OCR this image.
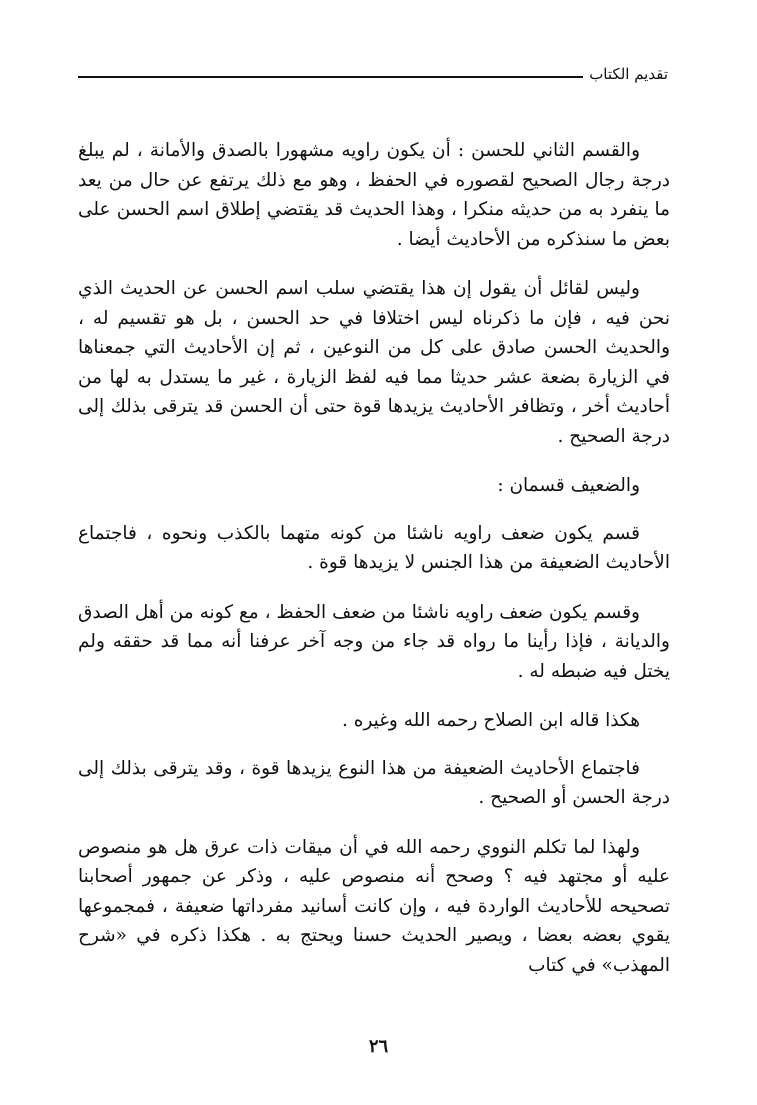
تقديم الكتاب

والقسم الثاني للحسن : أن يكون راويه مشهورا بالصدق والأمانة ، لم يبلغ درجة رجال الصحيح لقصوره في الحفظ ، وهو مع ذلك يرتفع عن حال من يعد ما ينفرد به من حديثه منكرا ، وهذا الحديث قد يقتضي إطلاق اسم الحسن على بعض ما سنذكره من الأحاديث أيضا .

وليس لقائل أن يقول إن هذا يقتضي سلب اسم الحسن عن الحديث الذي نحن فيه ، فإن ما ذكرناه ليس اختلافا في حد الحسن ، بل هو تقسيم له ، والحديث الحسن صادق على كل من النوعين ، ثم إن الأحاديث التي جمعناها في الزيارة بضعة عشر حديثا مما فيه لفظ الزيارة ، غير ما يستدل به لها من أحاديث أخر ، وتظافر الأحاديث يزيدها قوة حتى أن الحسن قد يترقى بذلك إلى درجة الصحيح .

والضعيف قسمان :

قسم يكون ضعف راويه ناشئا من كونه متهما بالكذب ونحوه ، فاجتماع الأحاديث الضعيفة من هذا الجنس لا يزيدها قوة .

وقسم يكون ضعف راويه ناشئا من ضعف الحفظ ، مع كونه من أهل الصدق والديانة ، فإذا رأينا ما رواه قد جاء من وجه آخر عرفنا أنه مما قد حققه ولم يختل فيه ضبطه له .

هكذا قاله ابن الصلاح رحمه الله وغيره .

فاجتماع الأحاديث الضعيفة من هذا النوع يزيدها قوة ، وقد يترقى بذلك إلى درجة الحسن أو الصحيح .

ولهذا لما تكلم النووي رحمه الله في أن ميقات ذات عرق هل هو منصوص عليه أو مجتهد فيه ؟ وصحح أنه منصوص عليه ، وذكر عن جمهور أصحابنا تصحيحه للأحاديث الواردة فيه ، وإن كانت أسانيد مفرداتها ضعيفة ، فمجموعها يقوي بعضه بعضا ، ويصير الحديث حسنا ويحتج به . هكذا ذكره في «شرح المهذب» في كتاب

٢٦
